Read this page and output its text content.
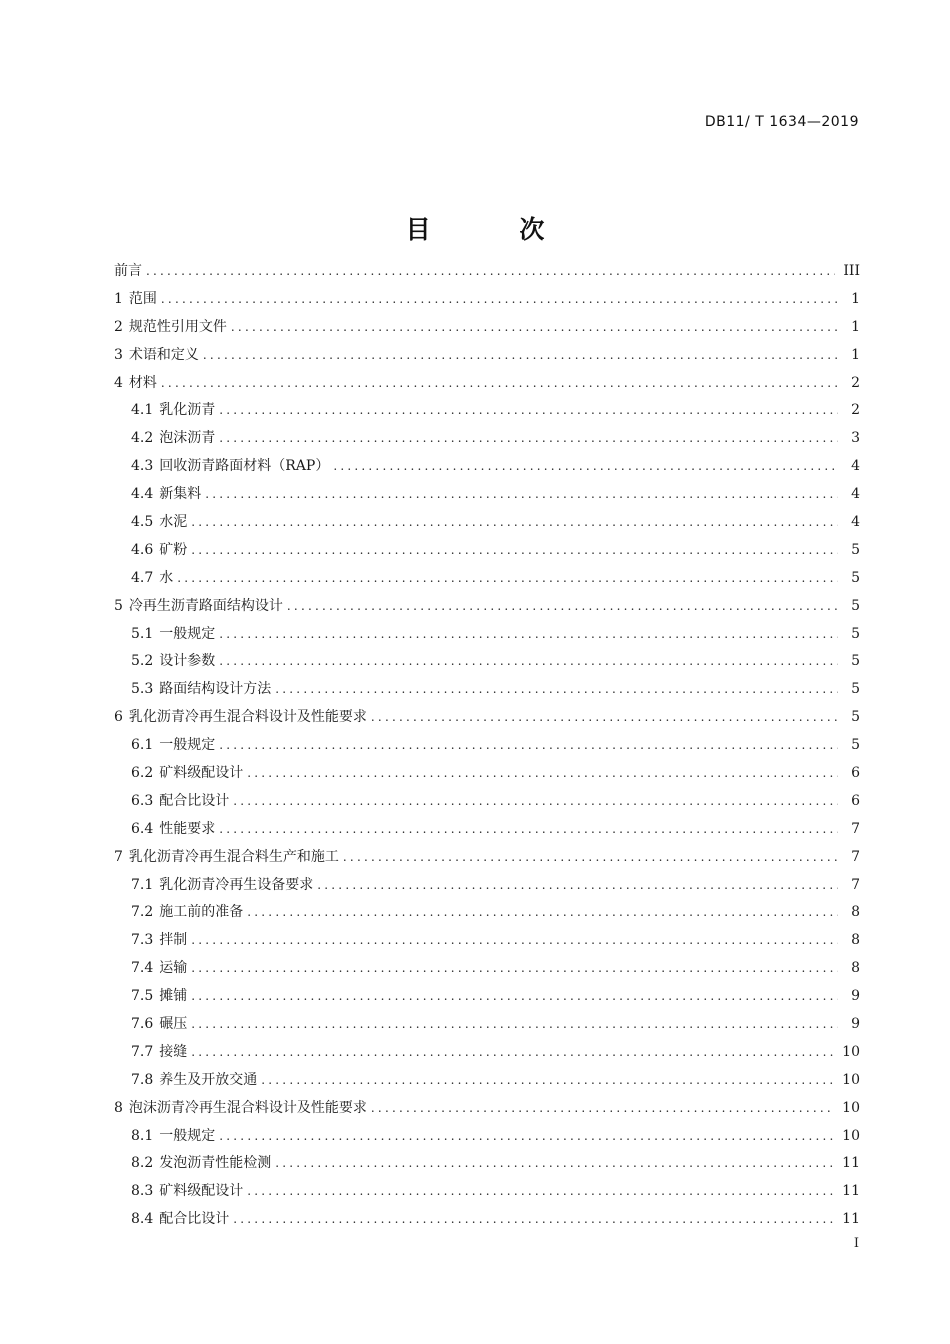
DB11/ T 1634—2019
目 次
前言 .....	III
1 范围 .....	1
2 规范性引用文件 .....	1
3 术语和定义 .....	1
4 材料 .....	2
4.1 乳化沥青 .....	2
4.2 泡沫沥青 .....	3
4.3 回收沥青路面材料（RAP） .....	4
4.4 新集料 .....	4
4.5 水泥 .....	4
4.6 矿粉 .....	5
4.7 水 .....	5
5 冷再生沥青路面结构设计 .....	5
5.1 一般规定 .....	5
5.2 设计参数 .....	5
5.3 路面结构设计方法 .....	5
6 乳化沥青冷再生混合料设计及性能要求 .....	5
6.1 一般规定 .....	5
6.2 矿料级配设计 .....	6
6.3 配合比设计 .....	6
6.4 性能要求 .....	7
7 乳化沥青冷再生混合料生产和施工 .....	7
7.1 乳化沥青冷再生设备要求 .....	7
7.2 施工前的准备 .....	8
7.3 拌制 .....	8
7.4 运输 .....	8
7.5 摊铺 .....	9
7.6 碾压 .....	9
7.7 接缝 .....	10
7.8 养生及开放交通 .....	10
8 泡沫沥青冷再生混合料设计及性能要求 .....	10
8.1 一般规定 .....	10
8.2 发泡沥青性能检测 .....	11
8.3 矿料级配设计 .....	11
8.4 配合比设计 .....	11
I
